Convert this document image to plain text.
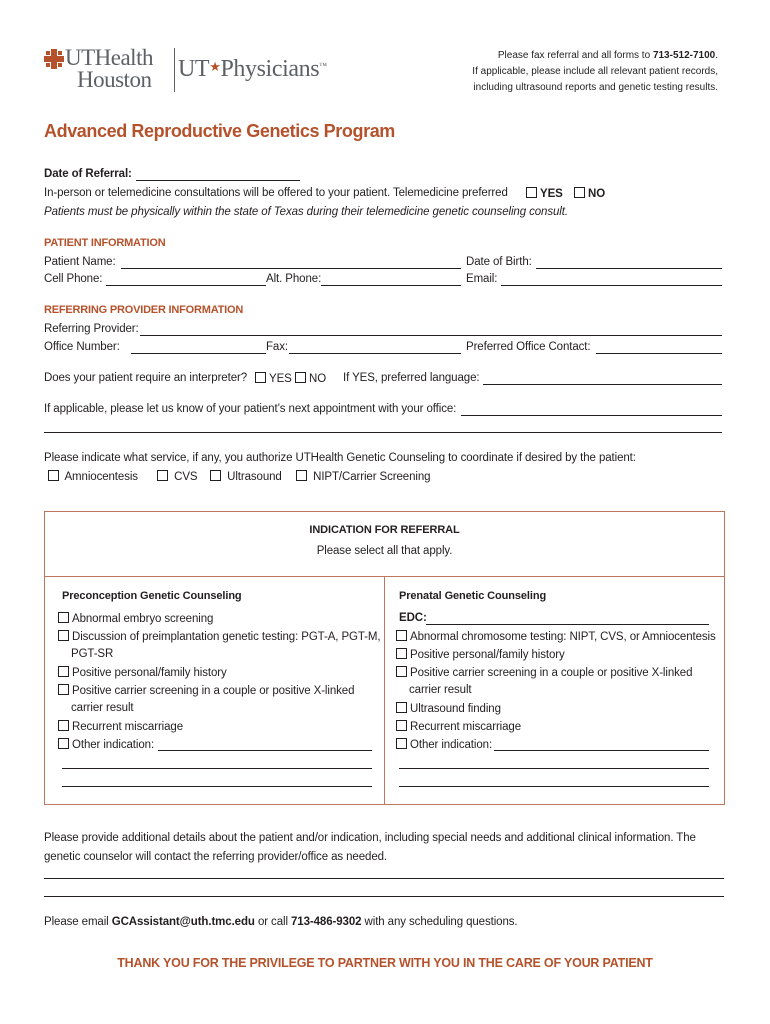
UTHealth
Houston UT★Physicians™
Please fax referral and all forms to 713-512-7100.
If applicable, please include all relevant patient records,
including ultrasound reports and genetic testing results.
Advanced Reproductive Genetics Program
Date of Referral:
In-person or telemedicine consultations will be offered to your patient. Telemedicine preferred	YES	NO
Patients must be physically within the state of Texas during their telemedicine genetic counseling consult.
PATIENT INFORMATION
Patient Name:	Date of Birth:
Cell Phone:	Alt. Phone:	Email:
REFERRING PROVIDER INFORMATION
Referring Provider:
Office Number:	Fax:	Preferred Office Contact:
Does your patient require an interpreter?	YES	NO If YES, preferred language:
If applicable, please let us know of your patient’s next appointment with your office:
Please indicate what service, if any, you authorize UTHealth Genetic Counseling to coordinate if desired by the patient:
Amniocentesis	CVS	Ultrasound	NIPT/Carrier Screening
INDICATION FOR REFERRAL
Please select all that apply.
Preconception Genetic Counseling
Abnormal embryo screening
Discussion of preimplantation genetic testing: PGT-A, PGT-M,
PGT-SR
Positive personal/family history
Positive carrier screening in a couple or positive X-linked
carrier result
Recurrent miscarriage
Other indication:
Prenatal Genetic Counseling
EDC:
Abnormal chromosome testing: NIPT, CVS, or Amniocentesis
Positive personal/family history
Positive carrier screening in a couple or positive X-linked
carrier result
Ultrasound finding
Recurrent miscarriage
Other indication:
Please provide additional details about the patient and/or indication, including special needs and additional clinical information. The
genetic counselor will contact the referring provider/office as needed.
Please email GCAssistant@uth.tmc.edu or call 713-486-9302 with any scheduling questions.
THANK YOU FOR THE PRIVILEGE TO PARTNER WITH YOU IN THE CARE OF YOUR PATIENT
